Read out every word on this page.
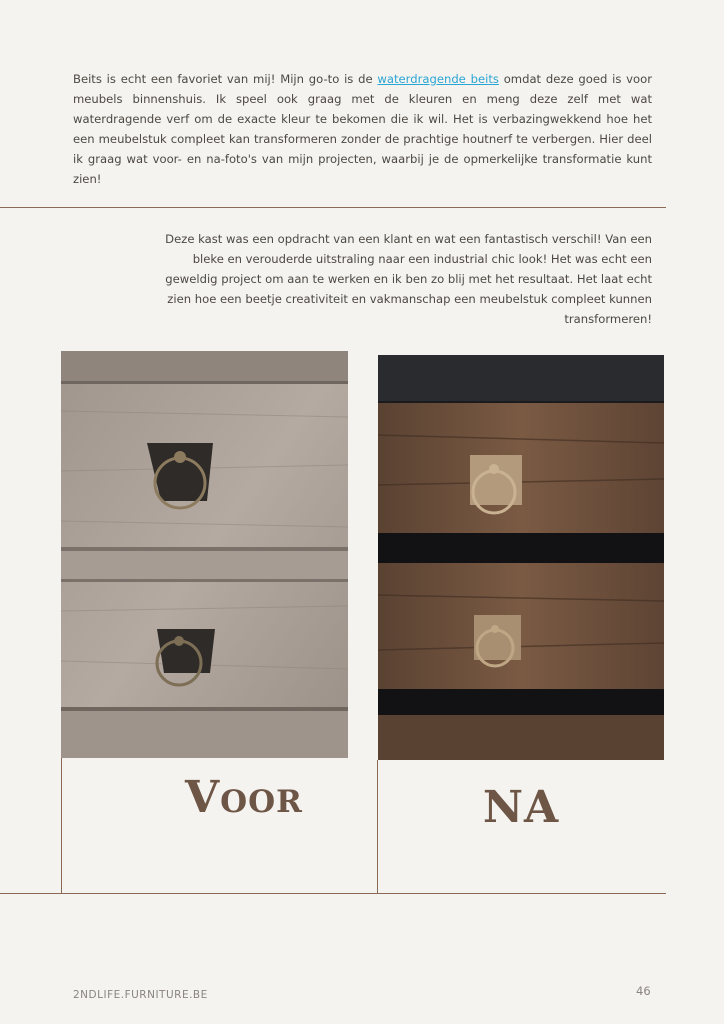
Beits is echt een favoriet van mij! Mijn go-to is de waterdragende beits omdat deze goed is voor meubels binnenshuis. Ik speel ook graag met de kleuren en meng deze zelf met wat waterdragende verf om de exacte kleur te bekomen die ik wil. Het is verbazingwekkend hoe het een meubelstuk compleet kan transformeren zonder de prachtige houtnerf te verbergen. Hier deel ik graag wat voor- en na-foto's van mijn projecten, waarbij je de opmerkelijke transformatie kunt zien!

Deze kast was een opdracht van een klant en wat een fantastisch verschil! Van een bleke en verouderde uitstraling naar een industrial chic look! Het was echt een geweldig project om aan te werken en ik ben zo blij met het resultaat. Het laat echt zien hoe een beetje creativiteit en vakmanschap een meubelstuk compleet kunnen transformeren!

Voor	NA
2NDLIFE.FURNITURE.BE	46
